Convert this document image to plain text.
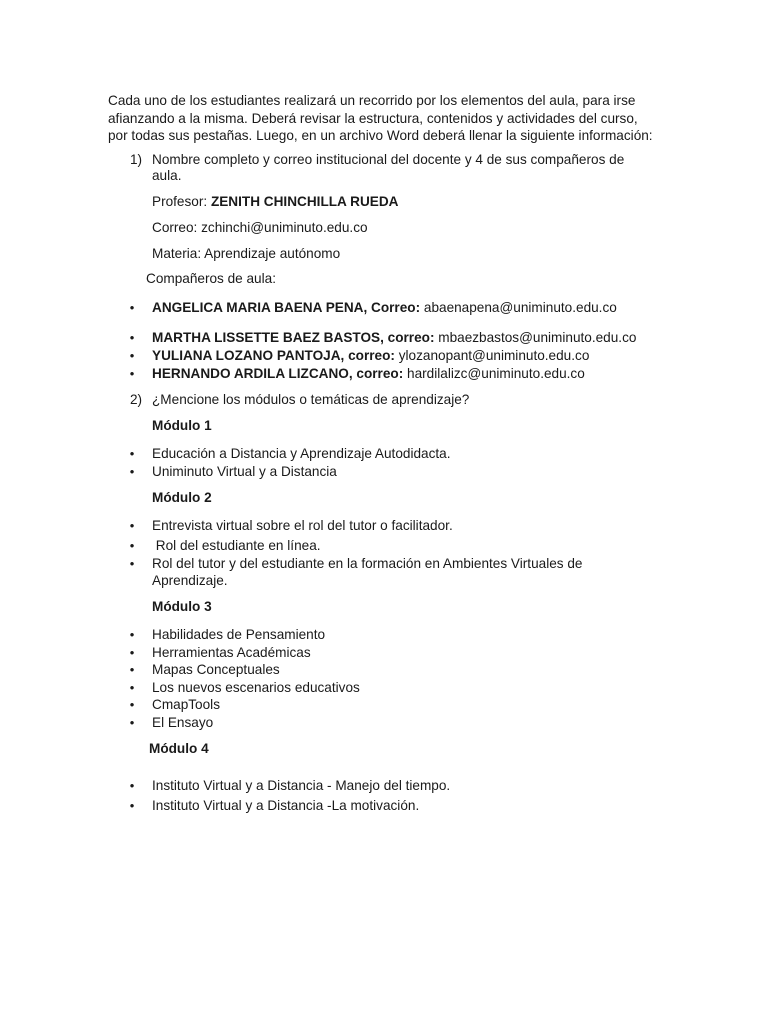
Cada uno de los estudiantes realizará un recorrido por los elementos del aula, para irse
afianzando a la misma. Deberá revisar la estructura, contenidos y actividades del curso,
por todas sus pestañas. Luego, en un archivo Word deberá llenar la siguiente información:
1) Nombre completo y correo institucional del docente y 4 de sus compañeros de
aula.
Profesor: ZENITH CHINCHILLA RUEDA
Correo: zchinchi@uniminuto.edu.co
Materia: Aprendizaje autónomo
Compañeros de aula:
• ANGELICA MARIA BAENA PENA, Correo: abaenapena@uniminuto.edu.co
• MARTHA LISSETTE BAEZ BASTOS, correo: mbaezbastos@uniminuto.edu.co
• YULIANA LOZANO PANTOJA, correo: ylozanopant@uniminuto.edu.co
• HERNANDO ARDILA LIZCANO, correo: hardilalizc@uniminuto.edu.co
2) ¿Mencione los módulos o temáticas de aprendizaje?
Módulo 1
• Educación a Distancia y Aprendizaje Autodidacta.
• Uniminuto Virtual y a Distancia
Módulo 2
• Entrevista virtual sobre el rol del tutor o facilitador.
• Rol del estudiante en línea.
• Rol del tutor y del estudiante en la formación en Ambientes Virtuales de
Aprendizaje.
Módulo 3
• Habilidades de Pensamiento
• Herramientas Académicas
• Mapas Conceptuales
• Los nuevos escenarios educativos
• CmapTools
• El Ensayo
Módulo 4
• Instituto Virtual y a Distancia - Manejo del tiempo.
• Instituto Virtual y a Distancia -La motivación.
